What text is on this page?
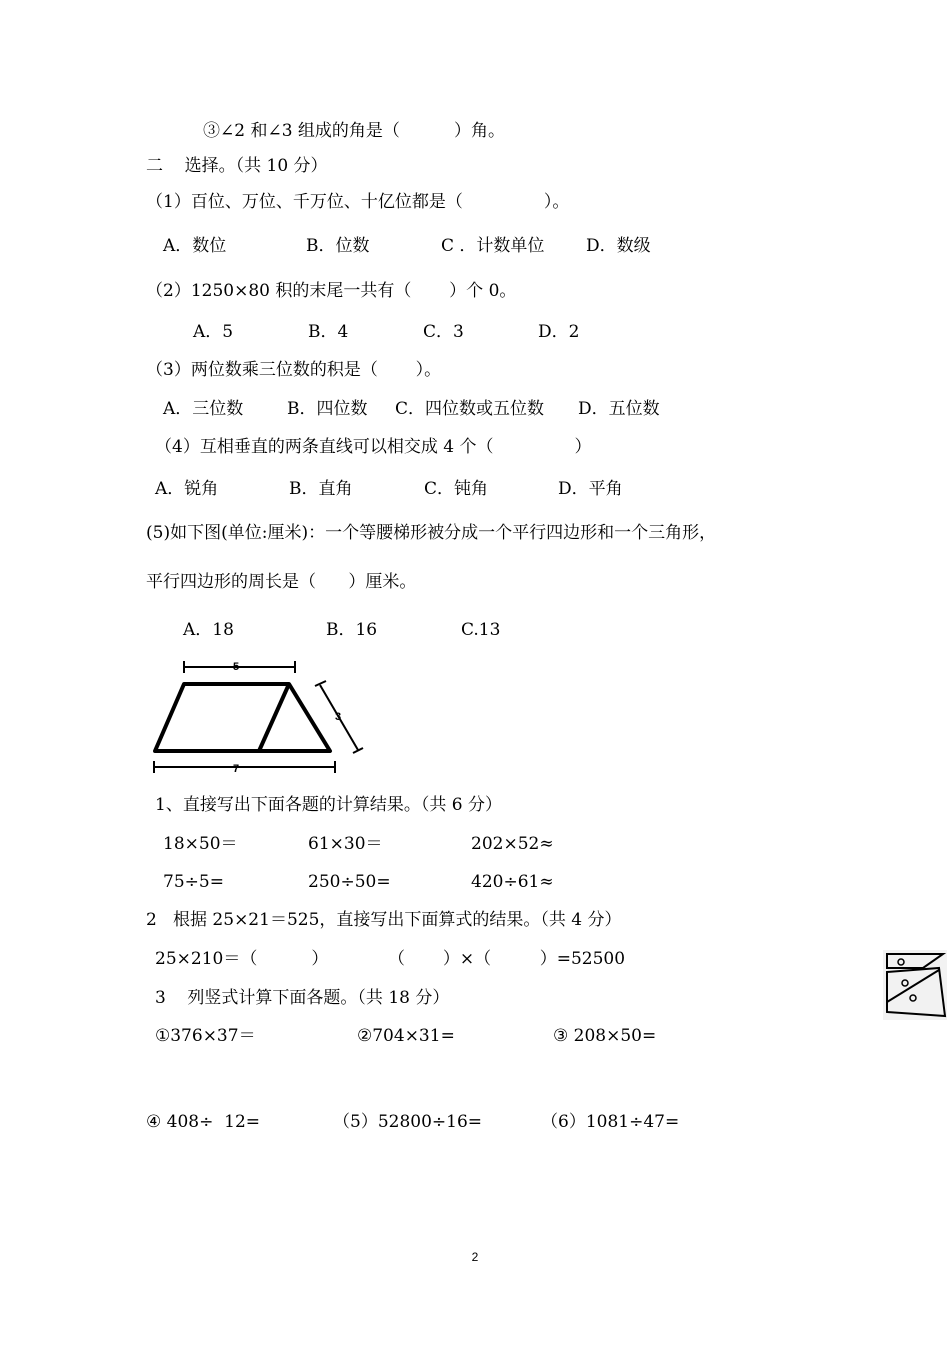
③∠2 和∠3 组成的角是（          ）角。
二    选择。（共 10 分）
（1）百位、万位、千万位、十亿位都是（               ）。
A．数位	B．位数	C ．计数单位 D．数级
（2）1250×80 积的末尾一共有（       ）个 0。
A．5	B．4	C．3	D．2
（3）两位数乘三位数的积是（       ）。
A．三位数	B．四位数 C．四位数或五位数 D．五位数
（4）互相垂直的两条直线可以相交成 4 个（               ）
A．锐角	B．直角	C．钝角	D．平角
(5)如下图(单位:厘米)：一个等腰梯形被分成一个平行四边形和一个三角形，
平行四边形的周长是（      ）厘米。
A．18	B．16	C.13
5
3
7
1、直接写出下面各题的计算结果。（共 6 分）
18×50＝	61×30＝	202×52≈
75÷5=	250÷50=	420÷61≈
2   根据 25×21＝525，直接写出下面算式的结果。（共 4 分）
25×210＝（          ）	（       ）×（         ）=52500
3    列竖式计算下面各题。（共 18 分）
①376×37＝	②704×31=	③ 208×50=
④ 408÷  12=	（5）52800÷16=	（6）1081÷47=
2
